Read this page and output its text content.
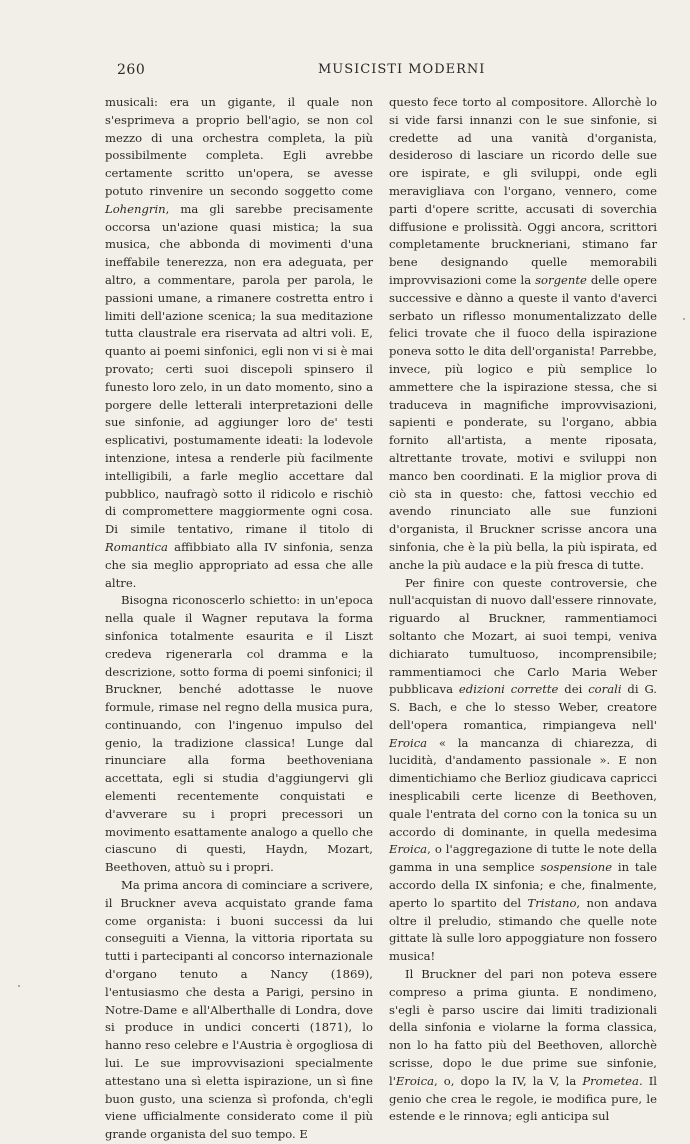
260	MUSICISTI MODERNI

musicali: era un gigante, il quale non s'esprimeva a proprio bell'agio, se non col mezzo di una orchestra completa, la più possibilmente completa. Egli avrebbe certamente scritto un'opera, se avesse potuto rinvenire un secondo soggetto come Lohengrin, ma gli sarebbe precisamente occorsa un'azione quasi mistica; la sua musica, che abbonda di movimenti d'una ineffabile tenerezza, non era adeguata, per altro, a commentare, parola per parola, le passioni umane, a rimanere costretta entro i limiti dell'azione scenica; la sua meditazione tutta claustrale era riservata ad altri voli. E, quanto ai poemi sinfonici, egli non vi si è mai provato; certi suoi discepoli spinsero il funesto loro zelo, in un dato momento, sino a porgere delle letterali interpretazioni delle sue sinfonie, ad aggiunger loro de' testi esplicativi, postumamente ideati: la lodevole intenzione, intesa a renderle più facilmente intelligibili, a farle meglio accettare dal pubblico, naufragò sotto il ridicolo e rischiò di compromettere maggiormente ogni cosa. Di simile tentativo, rimane il titolo di Romantica affibbiato alla IV sinfonia, senza che sia meglio appropriato ad essa che alle altre.

Bisogna riconoscerlo schietto: in un'epoca nella quale il Wagner reputava la forma sinfonica totalmente esaurita e il Liszt credeva rigenerarla col dramma e la descrizione, sotto forma di poemi sinfonici; il Bruckner, benché adottasse le nuove formule, rimase nel regno della musica pura, continuando, con l'ingenuo impulso del genio, la tradizione classica! Lunge dal rinunciare alla forma beethoveniana accettata, egli si studia d'aggiungervi gli elementi recentemente conquistati e d'avverare su i propri precessori un movimento esattamente analogo a quello che ciascuno di questi, Haydn, Mozart, Beethoven, attuò su i propri.

Ma prima ancora di cominciare a scrivere, il Bruckner aveva acquistato grande fama come organista: i buoni successi da lui conseguiti a Vienna, la vittoria riportata su tutti i partecipanti al concorso internazionale d'organo tenuto a Nancy (1869), l'entusiasmo che desta a Parigi, persino in Notre-Dame e all'Alberthalle di Londra, dove si produce in undici concerti (1871), lo hanno reso celebre e l'Austria è orgogliosa di lui. Le sue improvvisazioni specialmente attestano una sì eletta ispirazione, un sì fine buon gusto, una scienza sì profonda, ch'egli viene ufficialmente considerato come il più grande organista del suo tempo. E

questo fece torto al compositore. Allorchè lo si vide farsi innanzi con le sue sinfonie, si credette ad una vanità d'organista, desideroso di lasciare un ricordo delle sue ore ispirate, e gli sviluppi, onde egli meravigliava con l'organo, vennero, come parti d'opere scritte, accusati di soverchia diffusione e prolissità. Oggi ancora, scrittori completamente bruckneriani, stimano far bene designando quelle memorabili improvvisazioni come la sorgente delle opere successive e dànno a queste il vanto d'averci serbato un riflesso monumentalizzato delle felici trovate che il fuoco della ispirazione poneva sotto le dita dell'organista! Parrebbe, invece, più logico e più semplice lo ammettere che la ispirazione stessa, che si traduceva in magnifiche improvvisazioni, sapienti e ponderate, su l'organo, abbia fornito all'artista, a mente riposata, altrettante trovate, motivi e sviluppi non manco ben coordinati. E la miglior prova di ciò sta in questo: che, fattosi vecchio ed avendo rinunciato alle sue funzioni d'organista, il Bruckner scrisse ancora una sinfonia, che è la più bella, la più ispirata, ed anche la più audace e la più fresca di tutte.

Per finire con queste controversie, che null'acquistan di nuovo dall'essere rinnovate, riguardo al Bruckner, rammentiamoci soltanto che Mozart, ai suoi tempi, veniva dichiarato tumultuoso, incomprensibile; rammentiamoci che Carlo Maria Weber pubblicava edizioni corrette dei corali di G. S. Bach, e che lo stesso Weber, creatore dell'opera romantica, rimpiangeva nell' Eroica « la mancanza di chiarezza, di lucidità, d'andamento passionale ». E non dimentichiamo che Berlioz giudicava capricci inesplicabili certe licenze di Beethoven, quale l'entrata del corno con la tonica su un accordo di dominante, in quella medesima Eroica, o l'aggregazione di tutte le note della gamma in una semplice sospensione in tale accordo della IX sinfonia; e che, finalmente, aperto lo spartito del Tristano, non andava oltre il preludio, stimando che quelle note gittate là sulle loro appoggiature non fossero musica!

Il Bruckner del pari non poteva essere compreso a prima giunta. E nondimeno, s'egli è parso uscire dai limiti tradizionali della sinfonia e violarne la forma classica, non lo ha fatto più del Beethoven, allorchè scrisse, dopo le due prime sue sinfonie, l'Eroica, o, dopo la IV, la V, la Prometea. Il genio che crea le regole, ie modifica pure, le estende e le rinnova; egli anticipa sul
